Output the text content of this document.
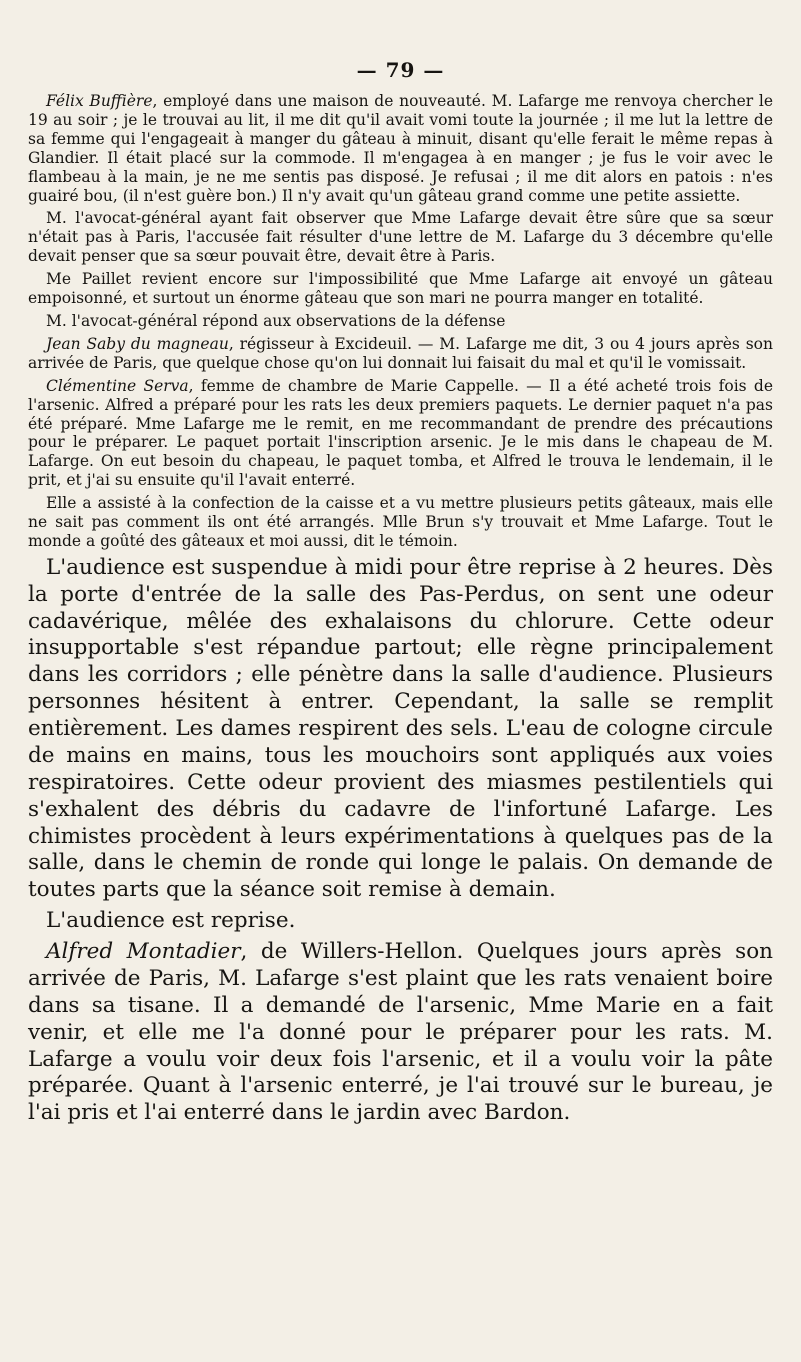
— 79 —

Félix Buffière, employé dans une maison de nouveauté. M. Lafarge me renvoya chercher le 19 au soir ; je le trouvai au lit, il me dit qu'il avait vomi toute la journée ; il me lut la lettre de sa femme qui l'engageait à manger du gâteau à minuit, disant qu'elle ferait le même repas à Glandier. Il était placé sur la commode. Il m'engagea à en manger ; je fus le voir avec le flambeau à la main, je ne me sentis pas disposé. Je refusai ; il me dit alors en patois : n'es guairé bou, (il n'est guère bon.) Il n'y avait qu'un gâteau grand comme une petite assiette.

M. l'avocat-général ayant fait observer que Mme Lafarge devait être sûre que sa sœur n'était pas à Paris, l'accusée fait résulter d'une lettre de M. Lafarge du 3 décembre qu'elle devait penser que sa sœur pouvait être, devait être à Paris.

Me Paillet revient encore sur l'impossibilité que Mme Lafarge ait envoyé un gâteau empoisonné, et surtout un énorme gâteau que son mari ne pourra manger en totalité.

M. l'avocat-général répond aux observations de la défense

Jean Saby du magneau, régisseur à Excideuil. — M. Lafarge me dit, 3 ou 4 jours après son arrivée de Paris, que quelque chose qu'on lui donnait lui faisait du mal et qu'il le vomissait.

Clémentine Serva, femme de chambre de Marie Cappelle. — Il a été acheté trois fois de l'arsenic. Alfred a préparé pour les rats les deux premiers paquets. Le dernier paquet n'a pas été préparé. Mme Lafarge me le remit, en me recommandant de prendre des précautions pour le préparer. Le paquet portait l'inscription arsenic. Je le mis dans le chapeau de M. Lafarge. On eut besoin du chapeau, le paquet tomba, et Alfred le trouva le lendemain, il le prit, et j'ai su ensuite qu'il l'avait enterré.

Elle a assisté à la confection de la caisse et a vu mettre plusieurs petits gâteaux, mais elle ne sait pas comment ils ont été arrangés. Mlle Brun s'y trouvait et Mme Lafarge. Tout le monde a goûté des gâteaux et moi aussi, dit le témoin.

L'audience est suspendue à midi pour être reprise à 2 heures. Dès la porte d'entrée de la salle des Pas-Perdus, on sent une odeur cadavérique, mêlée des exhalaisons du chlorure. Cette odeur insupportable s'est répandue partout; elle règne principalement dans les corridors ; elle pénètre dans la salle d'audience. Plusieurs personnes hésitent à entrer. Cependant, la salle se remplit entièrement. Les dames respirent des sels. L'eau de cologne circule de mains en mains, tous les mouchoirs sont appliqués aux voies respiratoires. Cette odeur provient des miasmes pestilentiels qui s'exhalent des débris du cadavre de l'infortuné Lafarge. Les chimistes procèdent à leurs expérimentations à quelques pas de la salle, dans le chemin de ronde qui longe le palais. On demande de toutes parts que la séance soit remise à demain.

L'audience est reprise.

Alfred Montadier, de Willers-Hellon. Quelques jours après son arrivée de Paris, M. Lafarge s'est plaint que les rats venaient boire dans sa tisane. Il a demandé de l'arsenic, Mme Marie en a fait venir, et elle me l'a donné pour le préparer pour les rats. M. Lafarge a voulu voir deux fois l'arsenic, et il a voulu voir la pâte préparée. Quant à l'arsenic enterré, je l'ai trouvé sur le bureau, je l'ai pris et l'ai enterré dans le jardin avec Bardon.
